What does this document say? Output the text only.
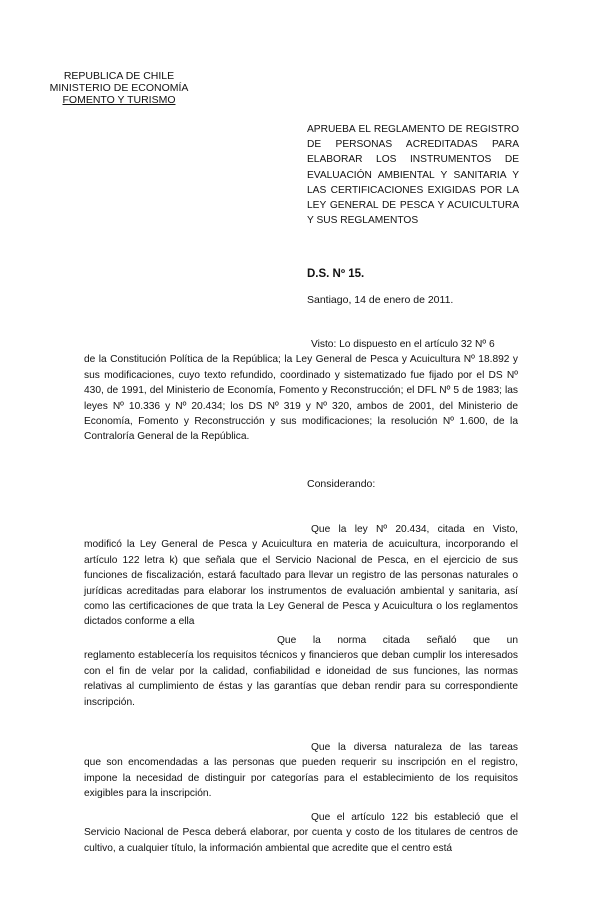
REPUBLICA DE CHILE
MINISTERIO DE ECONOMÍA
FOMENTO Y TURISMO
APRUEBA EL REGLAMENTO DE REGISTRO DE PERSONAS ACREDITADAS PARA ELABORAR LOS INSTRUMENTOS DE EVALUACIÓN AMBIENTAL Y SANITARIA Y LAS CERTIFICACIONES EXIGIDAS POR LA LEY GENERAL DE PESCA Y ACUICULTURA Y SUS REGLAMENTOS
D.S. Nº 15.
Santiago, 14 de enero de 2011.
Visto: Lo dispuesto en el artículo 32 Nº 6
de la Constitución Política de la República; la Ley General de Pesca y Acuicultura Nº 18.892 y sus modificaciones, cuyo texto refundido, coordinado y sistematizado fue fijado por el DS Nº 430, de 1991, del Ministerio de Economía, Fomento y Reconstrucción; el DFL Nº 5 de 1983; las leyes Nº 10.336 y Nº 20.434; los DS Nº 319 y Nº 320, ambos de 2001, del Ministerio de Economía, Fomento y Reconstrucción y sus modificaciones; la resolución Nº 1.600, de la Contraloría General de la República.
Considerando:
Que la ley Nº 20.434, citada en Visto,
modificó la Ley General de Pesca y Acuicultura en materia de acuicultura, incorporando el artículo 122 letra k) que señala que el Servicio Nacional de Pesca, en el ejercicio de sus funciones de fiscalización, estará facultado para llevar un registro de las personas naturales o jurídicas acreditadas para elaborar los instrumentos de evaluación ambiental y sanitaria, así como las certificaciones de que trata la Ley General de Pesca y Acuicultura o los reglamentos dictados conforme a ella
Que la norma citada señaló que un
reglamento establecería los requisitos técnicos y financieros que deban cumplir los interesados con el fin de velar por la calidad, confiabilidad e idoneidad de sus funciones, las normas relativas al cumplimiento de éstas y las garantías que deban rendir para su correspondiente inscripción.
Que la diversa naturaleza de las tareas
que son encomendadas a las personas que pueden requerir su inscripción en el registro, impone la necesidad de distinguir por categorías para el establecimiento de los requisitos exigibles para la inscripción.
Que el artículo 122 bis estableció que el
Servicio Nacional de Pesca deberá elaborar, por cuenta y costo de los titulares de centros de cultivo, a cualquier título, la información ambiental que acredite que el centro está
